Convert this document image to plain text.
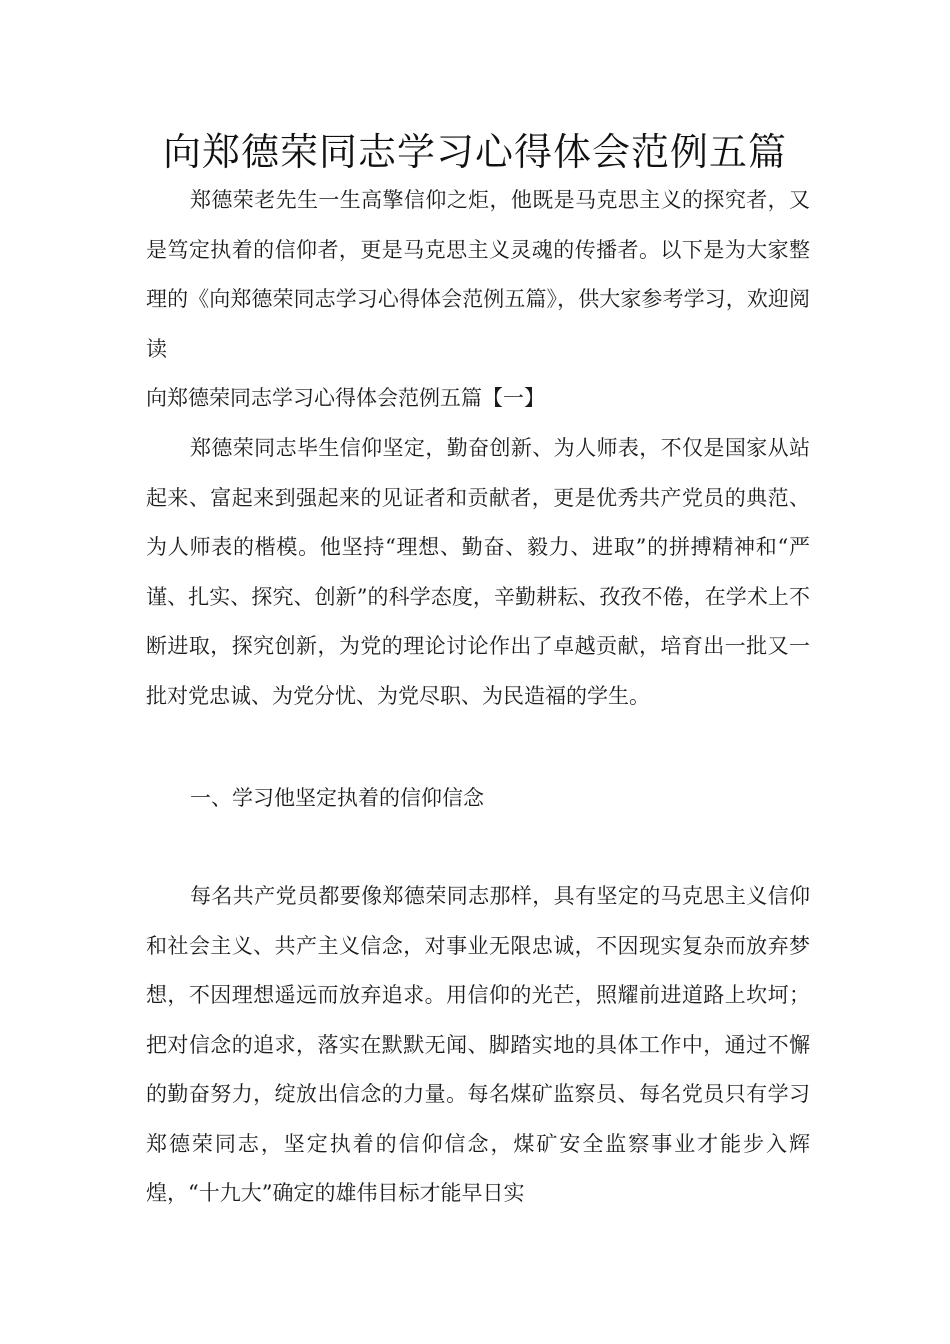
向郑德荣同志学习心得体会范例五篇

郑德荣老先生一生高擎信仰之炬，他既是马克思主义的探究者，又是笃定执着的信仰者，更是马克思主义灵魂的传播者。以下是为大家整理的《向郑德荣同志学习心得体会范例五篇》，供大家参考学习，欢迎阅读

向郑德荣同志学习心得体会范例五篇【一】

郑德荣同志毕生信仰坚定，勤奋创新、为人师表，不仅是国家从站起来、富起来到强起来的见证者和贡献者，更是优秀共产党员的典范、为人师表的楷模。他坚持“理想、勤奋、毅力、进取”的拼搏精神和“严谨、扎实、探究、创新”的科学态度，辛勤耕耘、孜孜不倦，在学术上不断进取，探究创新，为党的理论讨论作出了卓越贡献，培育出一批又一批对党忠诚、为党分忧、为党尽职、为民造福的学生。

一、学习他坚定执着的信仰信念

每名共产党员都要像郑德荣同志那样，具有坚定的马克思主义信仰和社会主义、共产主义信念，对事业无限忠诚，不因现实复杂而放弃梦想，不因理想遥远而放弃追求。用信仰的光芒，照耀前进道路上坎坷；把对信念的追求，落实在默默无闻、脚踏实地的具体工作中，通过不懈的勤奋努力，绽放出信念的力量。每名煤矿监察员、每名党员只有学习郑德荣同志，坚定执着的信仰信念，煤矿安全监察事业才能步入辉煌，“十九大”确定的雄伟目标才能早日实
